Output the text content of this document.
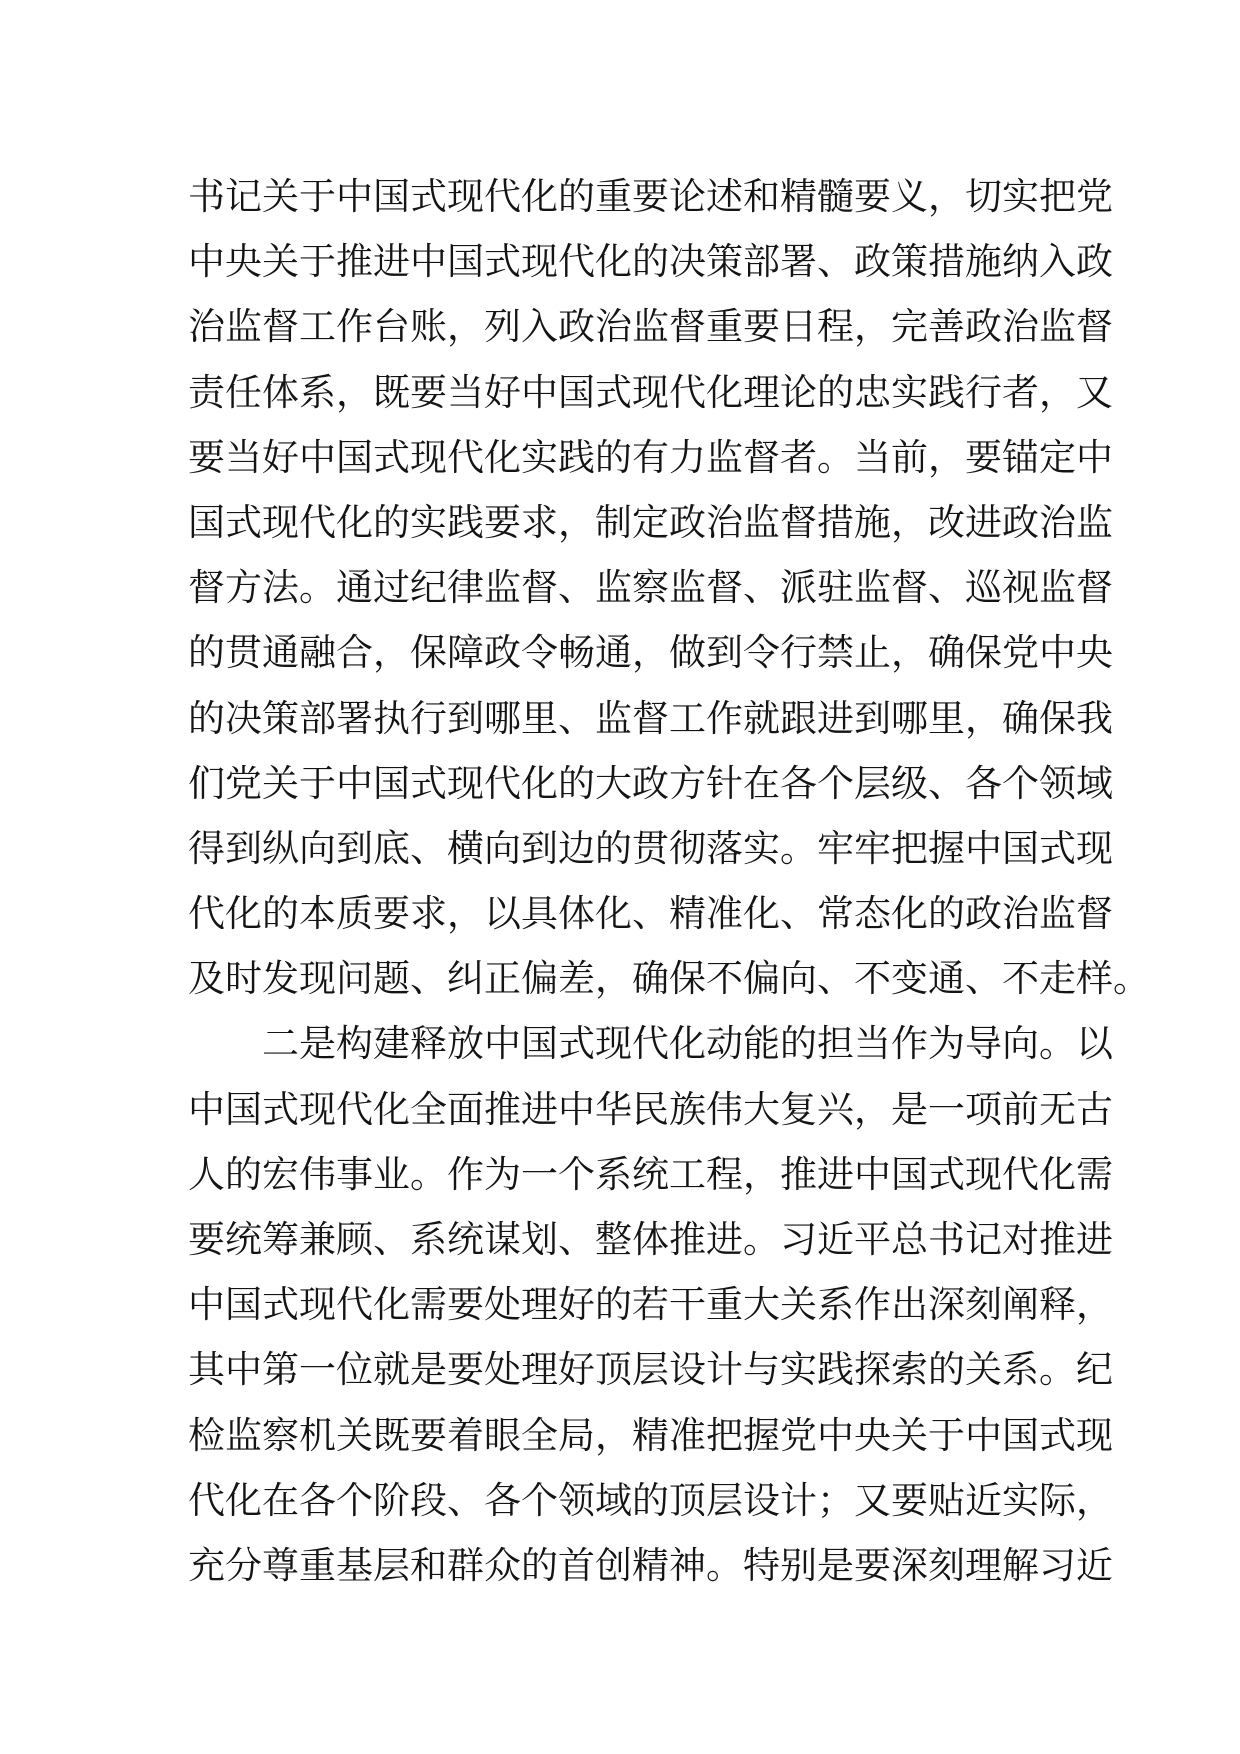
书记关于中国式现代化的重要论述和精髓要义，切实把党
中央关于推进中国式现代化的决策部署、政策措施纳入政
治监督工作台账，列入政治监督重要日程，完善政治监督
责任体系，既要当好中国式现代化理论的忠实践行者，又
要当好中国式现代化实践的有力监督者。当前，要锚定中
国式现代化的实践要求，制定政治监督措施，改进政治监
督方法。通过纪律监督、监察监督、派驻监督、巡视监督
的贯通融合，保障政令畅通，做到令行禁止，确保党中央
的决策部署执行到哪里、监督工作就跟进到哪里，确保我
们党关于中国式现代化的大政方针在各个层级、各个领域
得到纵向到底、横向到边的贯彻落实。牢牢把握中国式现
代化的本质要求，以具体化、精准化、常态化的政治监督
及时发现问题、纠正偏差，确保不偏向、不变通、不走样。
二是构建释放中国式现代化动能的担当作为导向。以
中国式现代化全面推进中华民族伟大复兴，是一项前无古
人的宏伟事业。作为一个系统工程，推进中国式现代化需
要统筹兼顾、系统谋划、整体推进。习近平总书记对推进
中国式现代化需要处理好的若干重大关系作出深刻阐释，
其中第一位就是要处理好顶层设计与实践探索的关系。纪
检监察机关既要着眼全局，精准把握党中央关于中国式现
代化在各个阶段、各个领域的顶层设计；又要贴近实际，
充分尊重基层和群众的首创精神。特别是要深刻理解习近
